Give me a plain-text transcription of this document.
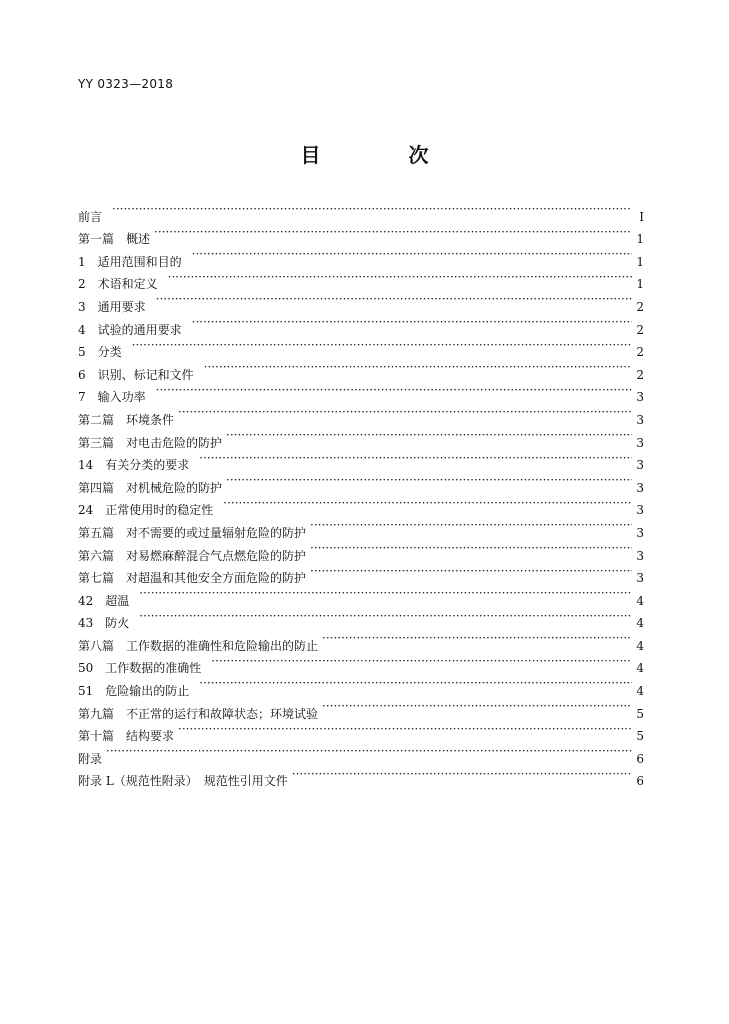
YY 0323—2018
目　次
前言 ·····	Ⅰ
第一篇　概述 ·····	1
1 适用范围和目的 ·····	1
2 术语和定义 ·····	1
3 通用要求 ·····	2
4 试验的通用要求 ·····	2
5 分类 ·····	2
6 识别、标记和文件 ·····	2
7 输入功率 ·····	3
第二篇　环境条件 ·····	3
第三篇　对电击危险的防护 ·····	3
14 有关分类的要求 ·····	3
第四篇　对机械危险的防护 ·····	3
24 正常使用时的稳定性 ·····	3
第五篇　对不需要的或过量辐射危险的防护 ·····	3
第六篇　对易燃麻醉混合气点燃危险的防护 ·····	3
第七篇　对超温和其他安全方面危险的防护 ·····	3
42 超温 ·····	4
43 防火 ·····	4
第八篇　工作数据的准确性和危险输出的防止 ·····	4
50 工作数据的准确性 ·····	4
51 危险输出的防止 ·····	4
第九篇　不正常的运行和故障状态；环境试验 ·····	5
第十篇　结构要求 ·····	5
附录 ·····	6
附录 L（规范性附录）　规范性引用文件 ·····	6
